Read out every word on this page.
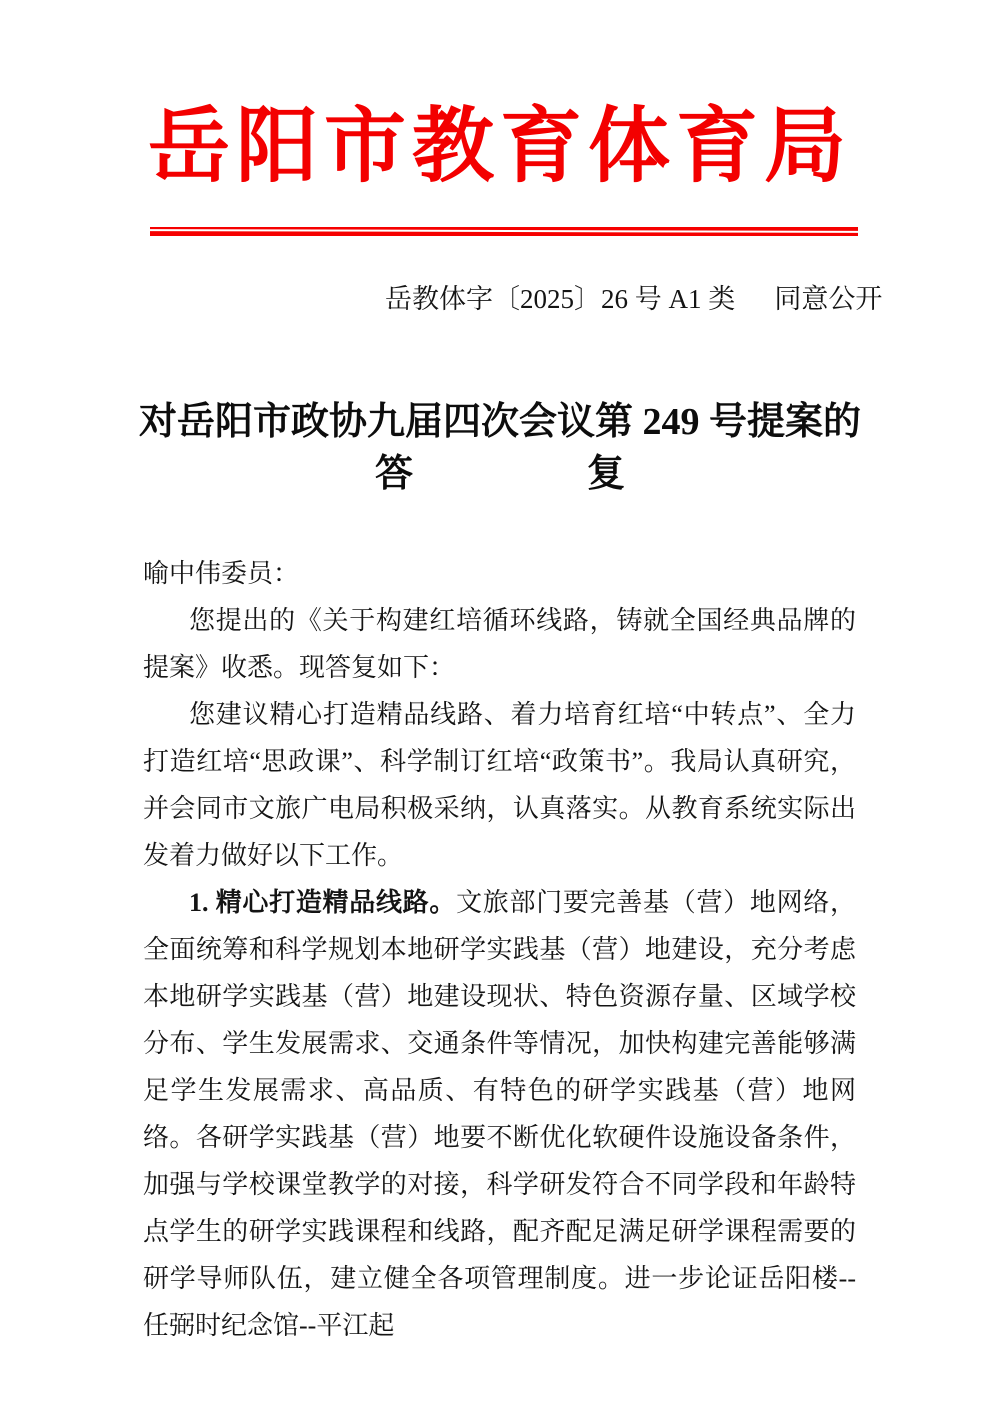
岳阳市教育体育局
岳教体字〔2025〕26 号 A1 类 同意公开
对岳阳市政协九届四次会议第 249 号提案的
答	复

喻中伟委员：

您提出的《关于构建红培循环线路，铸就全国经典品牌的提案》收悉。现答复如下：

您建议精心打造精品线路、着力培育红培“中转点”、全力打造红培“思政课”、科学制订红培“政策书”。我局认真研究，并会同市文旅广电局积极采纳，认真落实。从教育系统实际出发着力做好以下工作。

1. 精心打造精品线路。文旅部门要完善基（营）地网络，全面统筹和科学规划本地研学实践基（营）地建设，充分考虑本地研学实践基（营）地建设现状、特色资源存量、区域学校分布、学生发展需求、交通条件等情况，加快构建完善能够满足学生发展需求、高品质、有特色的研学实践基（营）地网络。各研学实践基（营）地要不断优化软硬件设施设备条件，加强与学校课堂教学的对接，科学研发符合不同学段和年龄特点学生的研学实践课程和线路，配齐配足满足研学课程需要的研学导师队伍，建立健全各项管理制度。进一步论证岳阳楼--任弼时纪念馆--平江起
